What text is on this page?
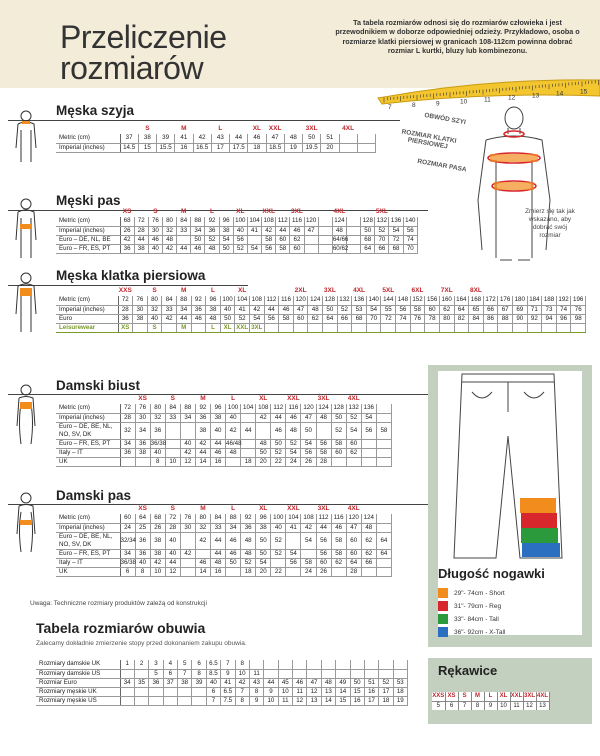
Przeliczenie
rozmiarów
Ta tabela rozmiarów odnosi się do rozmiarów człowieka i jest przewodnikiem w doborze odpowiedniej odzieży. Przykładowo, osoba o rozmiarze klatki piersiowej w granicach 108-112cm powinna dobrać rozmiar L kurtki, bluzy lub kombinezonu.
7	8	9	10	11	12	13	14	15
OBWÓD SZYI
ROZMIAR KLATKI PIERSIOWEJ
ROZMIAR PASA
Zmierz się tak jak wskazano, aby dobrać swój rozmiar
Męska szyja
		S		M		L		XL	XXL		3XL		4XL	
Metric (cm)	37	38	39	41	42	43	44	46	47	48	50	51		
Imperial (inches)	14.5	15	15.5	16	16.5	17	17.5	18	18.5	19	19.5	20		
Męski pas
	XS		S		M		L		XL		XXL		3XL			4XL			5XL		
Metric (cm)	68	72	76	80	84	88	92	96	100	104	108	112	116	120		124		128	132	136	140
Imperial (inches)	26	28	30	32	33	34	36	38	40	41	42	44	46	47		48		50	52	54	56
Euro – DE, NL, BE	42	44	46	48		50	52	54	56		58	60	62			64/66		68	70	72	74
Euro – FR, ES, PT	36	38	40	42	44	46	48	50	52	54	56	58	60			60/62		64	66	68	70
Męska klatka piersiowa
	XXS		S		M		L		XL				2XL		3XL		4XL		5XL		6XL		7XL		8XL							
Metric (cm)	72	76	80	84	88	92	96	100	104	108	112	116	120	124	128	132	136	140	144	148	152	156	160	164	168	172	176	180	184	188	192	196
Imperial (inches)	28	30	32	33	34	36	38	40	41	42	44	46	47	48	50	52	53	54	55	56	58	60	62	64	65	66	67	69	71	73	74	76
Euro	36	38	40	42	44	46	48	50	52	54	56	58	60	62	64	66	68	70	72	74	76	78	80	82	84	86	88	90	92	94	96	98
Leisurewear	XS		S		M		L	XL	XXL	3XL																						
Damski biust
		XS		S		M		L		XL		XXL		3XL		4XL		
Metric (cm)	72	76	80	84	88	92	96	100	104	108	112	116	120	124	128	132	136	
Imperial (inches)	28	30	32	33	34	36	38	40		42	44	46	47	48	50	52	54	
Euro – DE, BE, NL, NO, SV, DK	32	34	36			38	40	42	44		46	48	50		52	54	56	58
Euro – FR, ES, PT	34	36	36/38		40	42	44	46/48		48	50	52	54	56	58	60		
Italy – IT	36	38	40		42	44	46	48		50	52	54	56	58	60	62		
UK			8	10	12	14	16		18	20	22	24	26	28				
Damski pas
		XS		S		M		L		XL		XXL		3XL		4XL		
Metric (cm)	60	64	68	72	76	80	84	88	92	96	100	104	108	112	116	120	124	
Imperial (inches)	24	25	26	28	30	32	33	34	36	38	40	41	42	44	46	47	48	
Euro – DE, BE, NL, NO, SV, DK	32/34	36	38	40		42	44	46	48	50	52		54	56	58	60	62	64
Euro – FR, ES, PT	34	36	38	40	42		44	46	48	50	52	54		56	58	60	62	64
Italy – IT	36/38	40	42	44		46	48	50	52	54		56	58	60	62	64	66	
UK	6	8	10	12		14	16		18	20	22		24	26		28		
Uwaga: Techniczne rozmiary produktów zależą od konstrukcji
Tabela rozmiarów obuwia
Zalecamy dokładnie zmierzenie stopy przed dokonaniem zakupu obuwia.
Rozmiary damskie UK	1	2	3	4	5	6	6.5	7	8											
Rozmiary damskie US			5	6	7	8	8.5	9	10	11										
Rozmiar Euro	34	35	36	37	38	39	40	41	42	43	44	45	46	47	48	49	50	51	52	53
Rozmiary męskie UK							6	6.5	7	8	9	10	11	12	13	14	15	16	17	18
Rozmiary męskie US							7	7.5	8	9	10	11	12	13	14	15	16	17	18	19
Długość nogawki
29"- 74cm - Short
31"- 79cm - Reg
33"- 84cm - Tall
36"- 92cm - X-Tall
Rękawice
XXS	XS	S	M	L	XL	XXL	3XL	4XL
5	6	7	8	9	10	11	12	13
